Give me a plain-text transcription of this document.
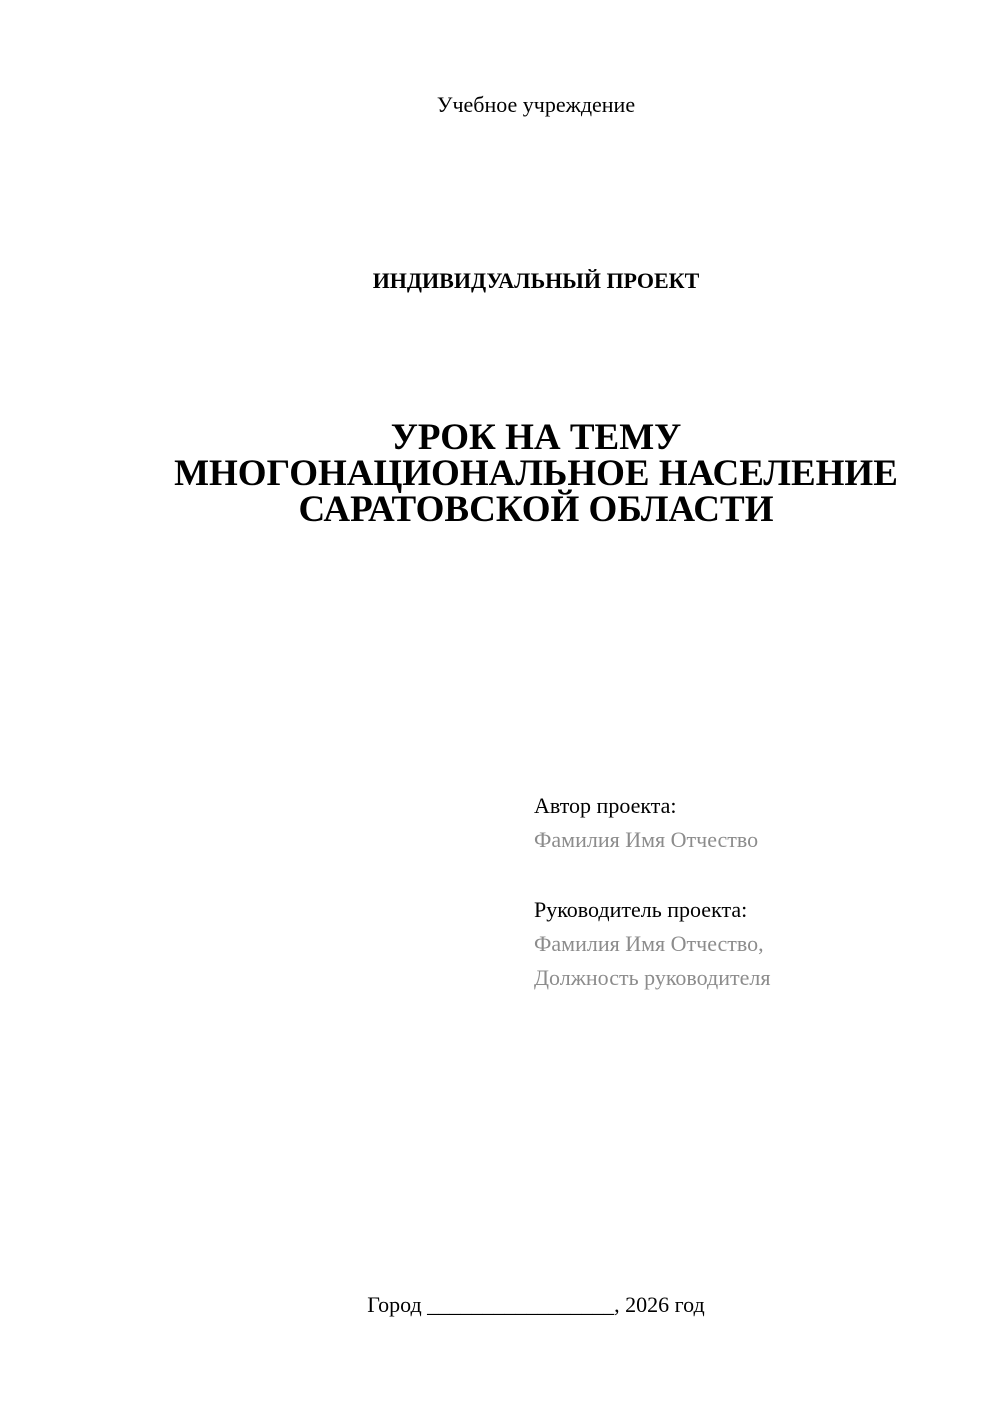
Учебное учреждение
ИНДИВИДУАЛЬНЫЙ ПРОЕКТ
УРОК НА ТЕМУ
МНОГОНАЦИОНАЛЬНОЕ НАСЕЛЕНИЕ
САРАТОВСКОЙ ОБЛАСТИ
Автор проекта:
Фамилия Имя Отчество
Руководитель проекта:
Фамилия Имя Отчество,
Должность руководителя
Город _________________, 2026 год
